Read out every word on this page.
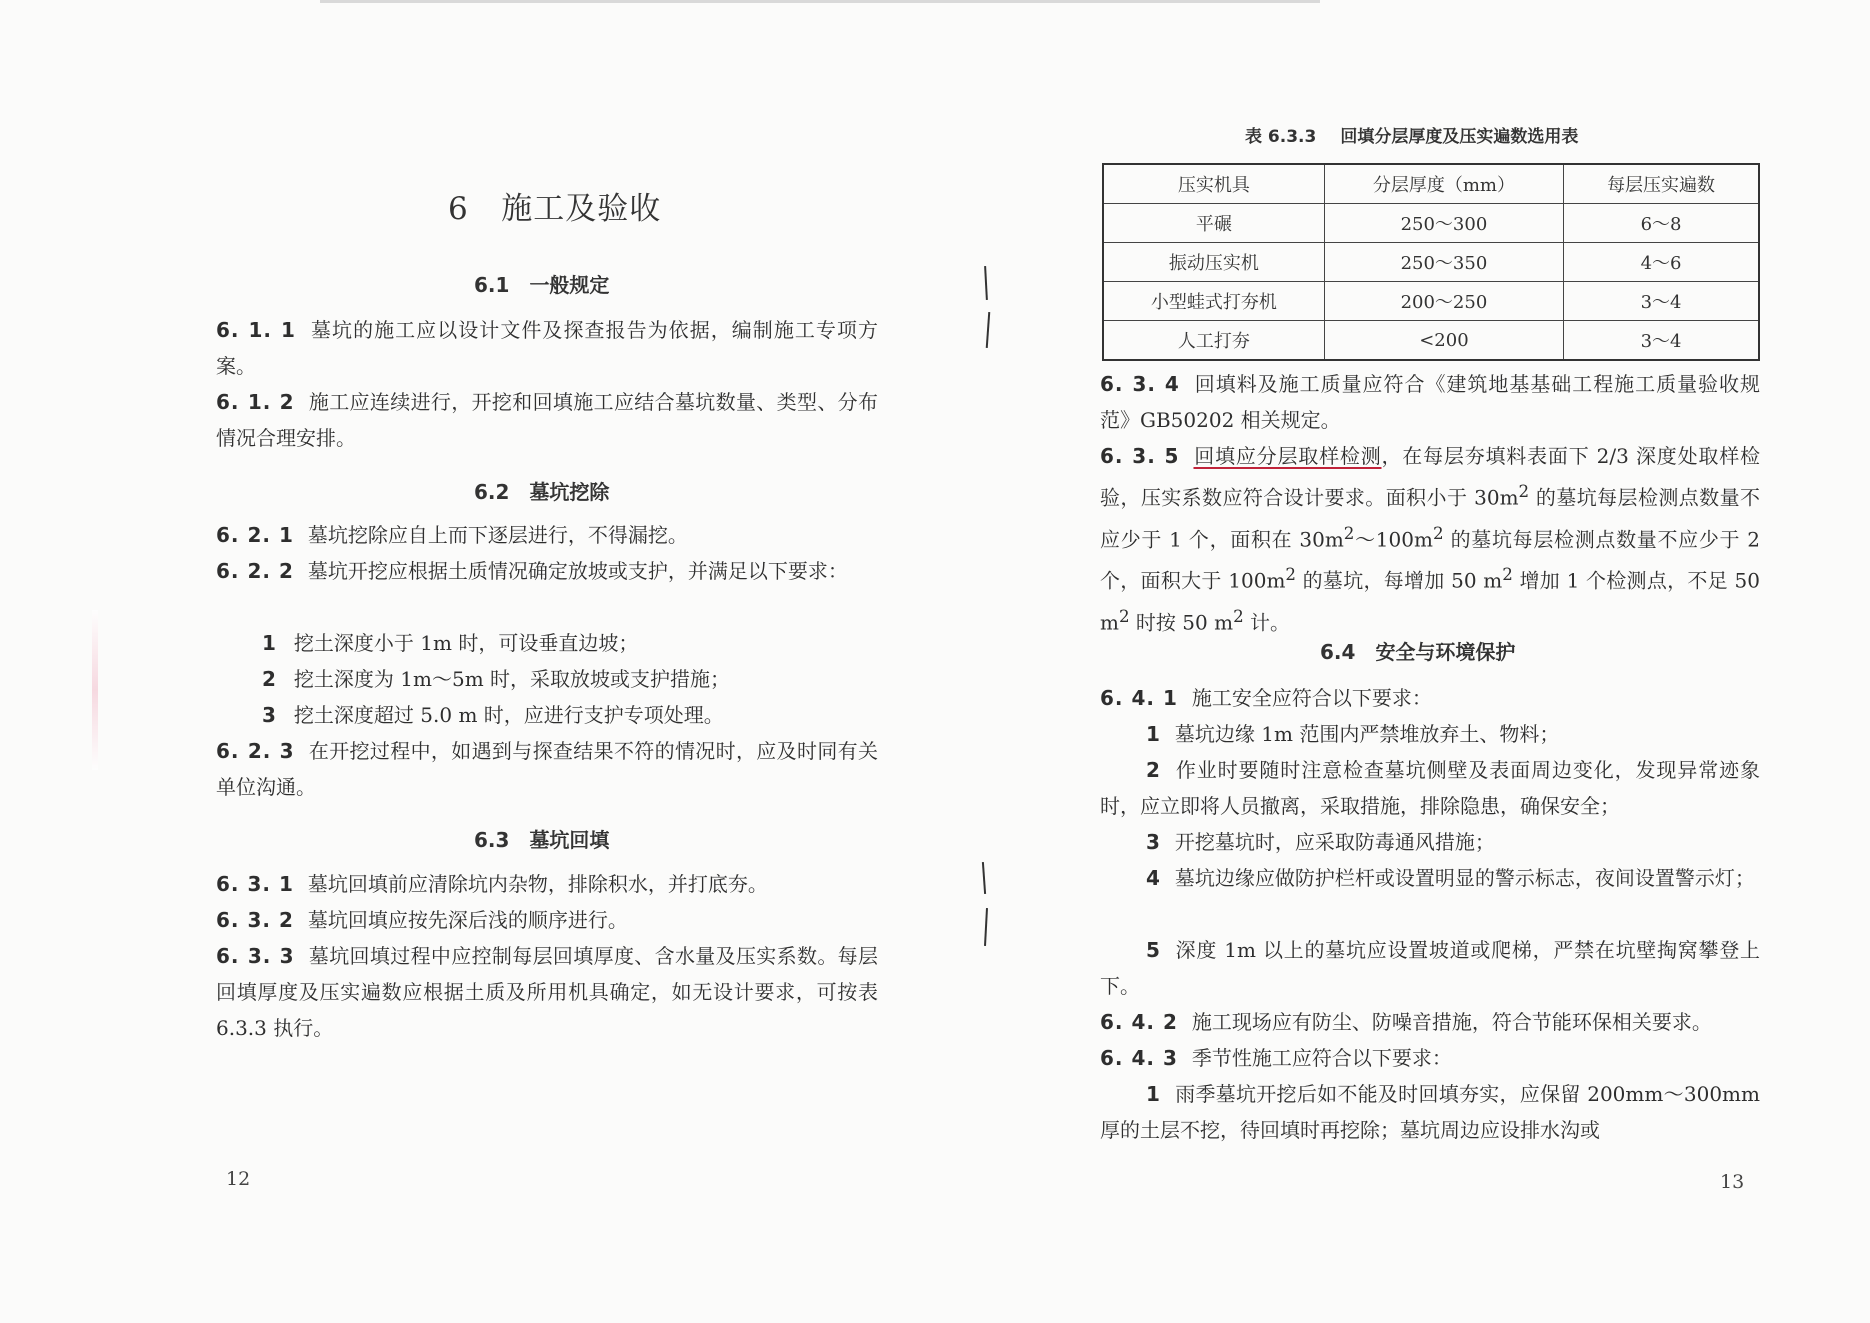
6 施工及验收
6.1 一般规定
6. 1. 1 墓坑的施工应以设计文件及探查报告为依据，编制施工专项方案。
6. 1. 2 施工应连续进行，开挖和回填施工应结合墓坑数量、类型、分布情况合理安排。
6.2 墓坑挖除
6. 2. 1 墓坑挖除应自上而下逐层进行，不得漏挖。
6. 2. 2 墓坑开挖应根据土质情况确定放坡或支护，并满足以下要求：
1 挖土深度小于 1m 时，可设垂直边坡；
2 挖土深度为 1m～5m 时，采取放坡或支护措施；
3 挖土深度超过 5.0 m 时，应进行支护专项处理。
6. 2. 3 在开挖过程中，如遇到与探查结果不符的情况时，应及时同有关单位沟通。
6.3 墓坑回填
6. 3. 1 墓坑回填前应清除坑内杂物，排除积水，并打底夯。
6. 3. 2 墓坑回填应按先深后浅的顺序进行。
6. 3. 3 墓坑回填过程中应控制每层回填厚度、含水量及压实系数。每层回填厚度及压实遍数应根据土质及所用机具确定，如无设计要求，可按表 6.3.3 执行。
12
表 6.3.3 回填分层厚度及压实遍数选用表
压实机具	分层厚度（mm）	每层压实遍数
平碾	250～300	6～8
振动压实机	250～350	4～6
小型蛙式打夯机	200～250	3～4
人工打夯	<200	3～4
6. 3. 4 回填料及施工质量应符合《建筑地基基础工程施工质量验收规范》GB50202 相关规定。
6. 3. 5 回填应分层取样检测，在每层夯填料表面下 2/3 深度处取样检验，压实系数应符合设计要求。面积小于 $30m^2$ 的墓坑每层检测点数量不应少于 1 个，面积在 $30m^2\sim 100m^2$ 的墓坑每层检测点数量不应少于 2 个，面积大于 $100m^2$ 的墓坑，每增加 50 $m^2$ 增加 1 个检测点，不足 50 $m^2$ 时按 50 $m^2$ 计。
6.4 安全与环境保护
6. 4. 1 施工安全应符合以下要求：
1 墓坑边缘 1m 范围内严禁堆放弃土、物料；
2 作业时要随时注意检查墓坑侧壁及表面周边变化，发现异常迹象时，应立即将人员撤离，采取措施，排除隐患，确保安全；
3 开挖墓坑时，应采取防毒通风措施；
4 墓坑边缘应做防护栏杆或设置明显的警示标志，夜间设置警示灯；
5 深度 1m 以上的墓坑应设置坡道或爬梯，严禁在坑壁掏窝攀登上下。
6. 4. 2 施工现场应有防尘、防噪音措施，符合节能环保相关要求。
6. 4. 3 季节性施工应符合以下要求：
1 雨季墓坑开挖后如不能及时回填夯实，应保留 200mm～300mm 厚的土层不挖，待回填时再挖除；墓坑周边应设排水沟或
13
